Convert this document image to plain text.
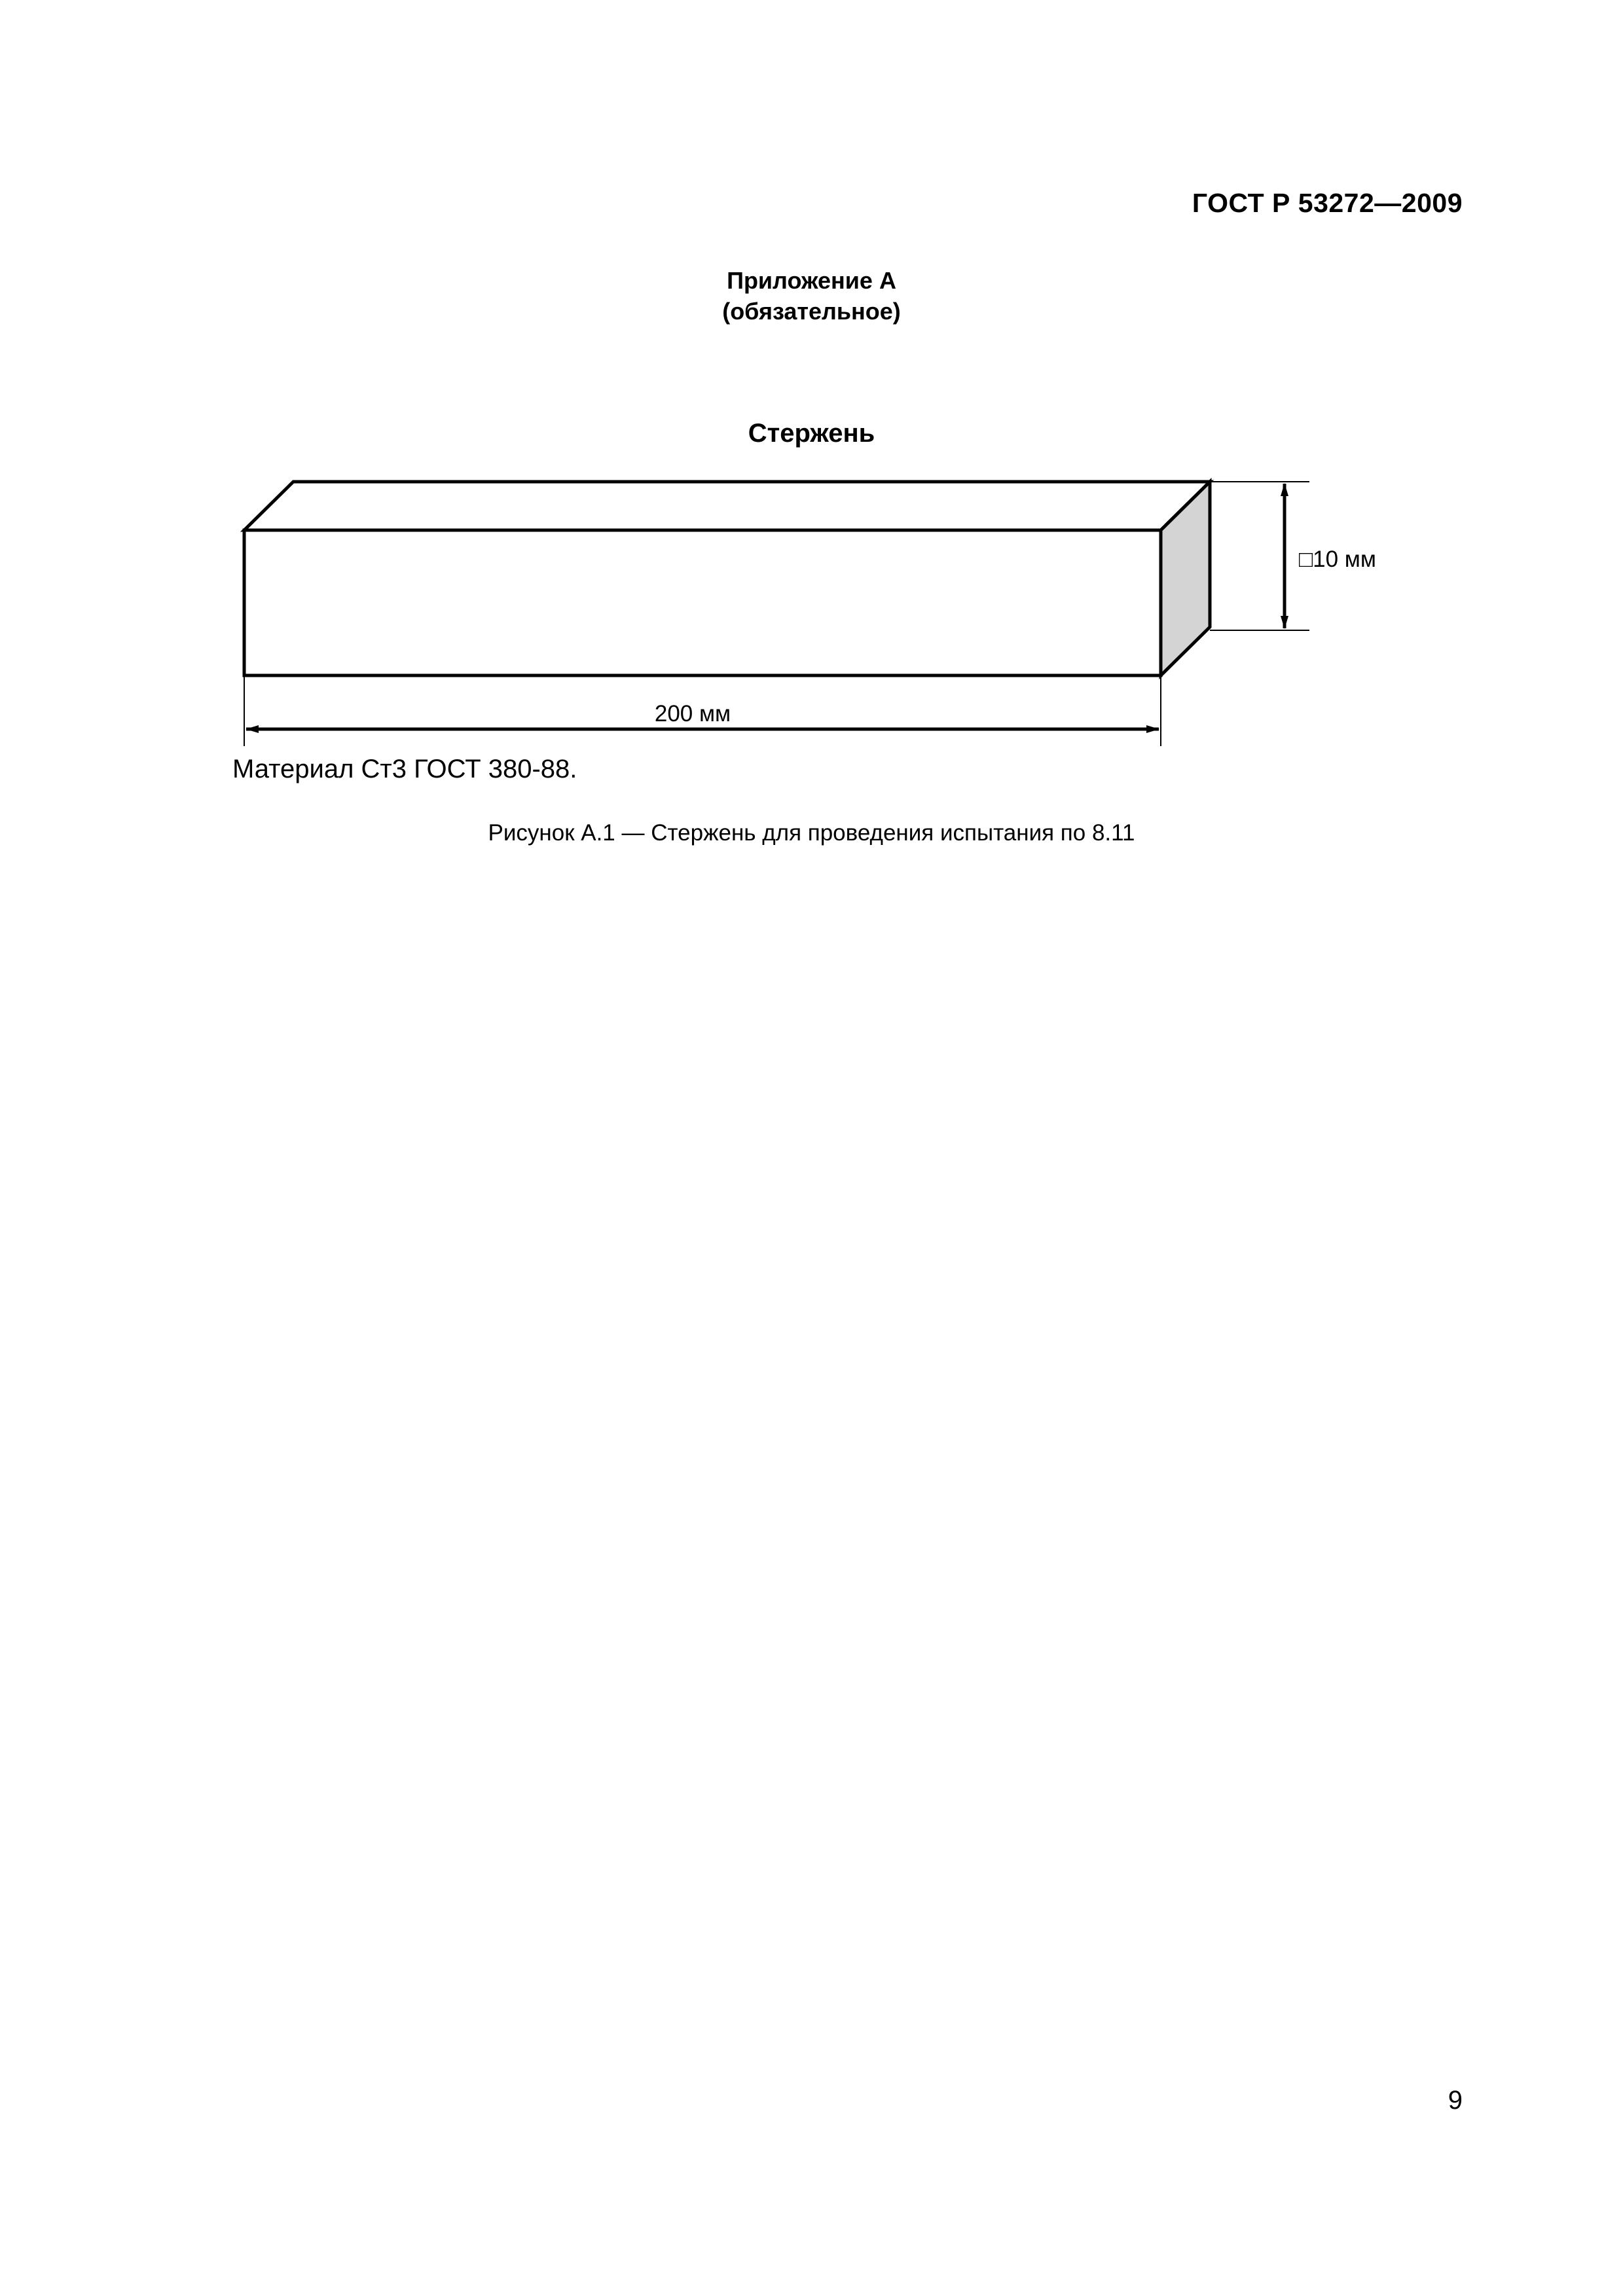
ГОСТ Р 53272—2009
Приложение А
(обязательное)
Стержень
□10 мм
200 мм
Материал Ст3 ГОСТ 380-88.
Рисунок А.1 — Стержень для проведения испытания по 8.11
9
